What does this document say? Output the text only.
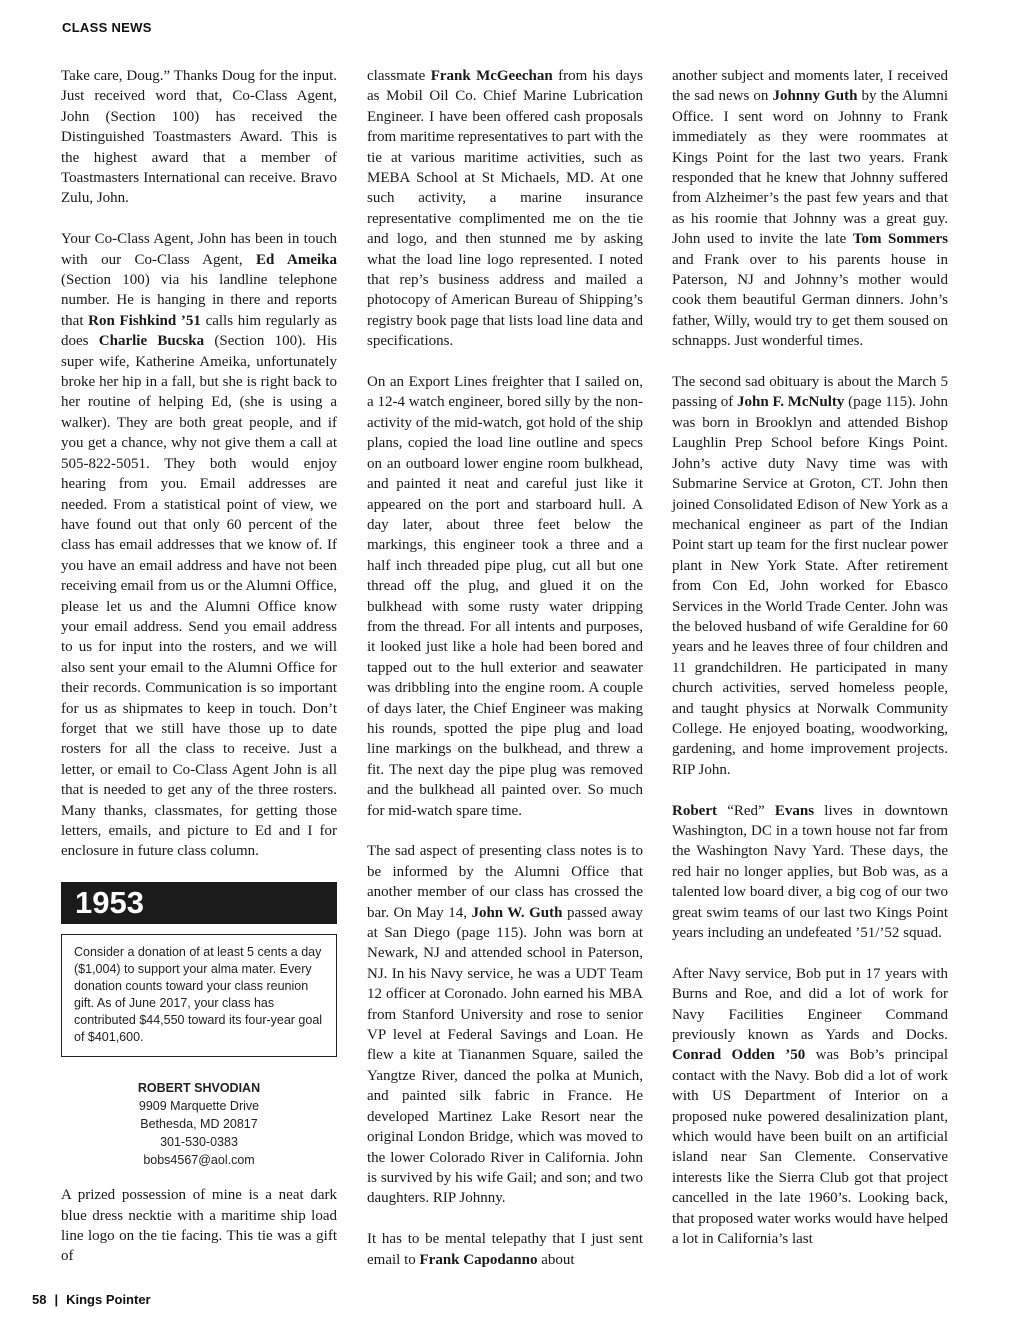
CLASS NEWS

Take care, Doug.” Thanks Doug for the input. Just received word that, Co-Class Agent, John (Section 100) has received the Distinguished Toastmasters Award. This is the highest award that a member of Toastmasters International can receive. Bravo Zulu, John.

Your Co-Class Agent, John has been in touch with our Co-Class Agent, Ed Ameika (Section 100) via his landline telephone number. He is hanging in there and reports that Ron Fishkind ’51 calls him regularly as does Charlie Bucska (Section 100). His super wife, Katherine Ameika, unfortunately broke her hip in a fall, but she is right back to her routine of helping Ed, (she is using a walker). They are both great people, and if you get a chance, why not give them a call at 505-822-5051. They both would enjoy hearing from you. Email addresses are needed. From a statistical point of view, we have found out that only 60 percent of the class has email addresses that we know of. If you have an email address and have not been receiving email from us or the Alumni Office, please let us and the Alumni Office know your email address. Send you email address to us for input into the rosters, and we will also sent your email to the Alumni Office for their records. Communication is so important for us as shipmates to keep in touch. Don’t forget that we still have those up to date rosters for all the class to receive. Just a letter, or email to Co-Class Agent John is all that is needed to get any of the three rosters. Many thanks, classmates, for getting those letters, emails, and picture to Ed and I for enclosure in future class column.

1953
Consider a donation of at least 5 cents a day ($1,004) to support your alma mater. Every donation counts toward your class reunion gift. As of June 2017, your class has contributed $44,550 toward its four-year goal of $401,600.
ROBERT SHVODIAN
9909 Marquette Drive
Bethesda, MD 20817
301-530-0383
bobs4567@aol.com

A prized possession of mine is a neat dark blue dress necktie with a maritime ship load line logo on the tie facing. This tie was a gift of

classmate Frank McGeechan from his days as Mobil Oil Co. Chief Marine Lubrication Engineer. I have been offered cash proposals from maritime representatives to part with the tie at various maritime activities, such as MEBA School at St Michaels, MD. At one such activity, a marine insurance representative complimented me on the tie and logo, and then stunned me by asking what the load line logo represented. I noted that rep’s business address and mailed a photocopy of American Bureau of Shipping’s registry book page that lists load line data and specifications.

On an Export Lines freighter that I sailed on, a 12-4 watch engineer, bored silly by the non-activity of the mid-watch, got hold of the ship plans, copied the load line outline and specs on an outboard lower engine room bulkhead, and painted it neat and careful just like it appeared on the port and starboard hull. A day later, about three feet below the markings, this engineer took a three and a half inch threaded pipe plug, cut all but one thread off the plug, and glued it on the bulkhead with some rusty water dripping from the thread. For all intents and purposes, it looked just like a hole had been bored and tapped out to the hull exterior and seawater was dribbling into the engine room. A couple of days later, the Chief Engineer was making his rounds, spotted the pipe plug and load line markings on the bulkhead, and threw a fit. The next day the pipe plug was removed and the bulkhead all painted over. So much for mid-watch spare time.

The sad aspect of presenting class notes is to be informed by the Alumni Office that another member of our class has crossed the bar. On May 14, John W. Guth passed away at San Diego (page 115). John was born at Newark, NJ and attended school in Paterson, NJ. In his Navy service, he was a UDT Team 12 officer at Coronado. John earned his MBA from Stanford University and rose to senior VP level at Federal Savings and Loan. He flew a kite at Tiananmen Square, sailed the Yangtze River, danced the polka at Munich, and painted silk fabric in France. He developed Martinez Lake Resort near the original London Bridge, which was moved to the lower Colorado River in California. John is survived by his wife Gail; and son; and two daughters. RIP Johnny.

It has to be mental telepathy that I just sent email to Frank Capodanno about

another subject and moments later, I received the sad news on Johnny Guth by the Alumni Office. I sent word on Johnny to Frank immediately as they were roommates at Kings Point for the last two years. Frank responded that he knew that Johnny suffered from Alzheimer’s the past few years and that as his roomie that Johnny was a great guy. John used to invite the late Tom Sommers and Frank over to his parents house in Paterson, NJ and Johnny’s mother would cook them beautiful German dinners. John’s father, Willy, would try to get them soused on schnapps. Just wonderful times.

The second sad obituary is about the March 5 passing of John F. McNulty (page 115). John was born in Brooklyn and attended Bishop Laughlin Prep School before Kings Point. John’s active duty Navy time was with Submarine Service at Groton, CT. John then joined Consolidated Edison of New York as a mechanical engineer as part of the Indian Point start up team for the first nuclear power plant in New York State. After retirement from Con Ed, John worked for Ebasco Services in the World Trade Center. John was the beloved husband of wife Geraldine for 60 years and he leaves three of four children and 11 grandchildren. He participated in many church activities, served homeless people, and taught physics at Norwalk Community College. He enjoyed boating, woodworking, gardening, and home improvement projects. RIP John.

Robert “Red” Evans lives in downtown Washington, DC in a town house not far from the Washington Navy Yard. These days, the red hair no longer applies, but Bob was, as a talented low board diver, a big cog of our two great swim teams of our last two Kings Point years including an undefeated ’51/’52 squad.

After Navy service, Bob put in 17 years with Burns and Roe, and did a lot of work for Navy Facilities Engineer Command previously known as Yards and Docks. Conrad Odden ’50 was Bob’s principal contact with the Navy. Bob did a lot of work with US Department of Interior on a proposed nuke powered desalinization plant, which would have been built on an artificial island near San Clemente. Conservative interests like the Sierra Club got that project cancelled in the late 1960’s. Looking back, that proposed water works would have helped a lot in California’s last

58 | Kings Pointer
